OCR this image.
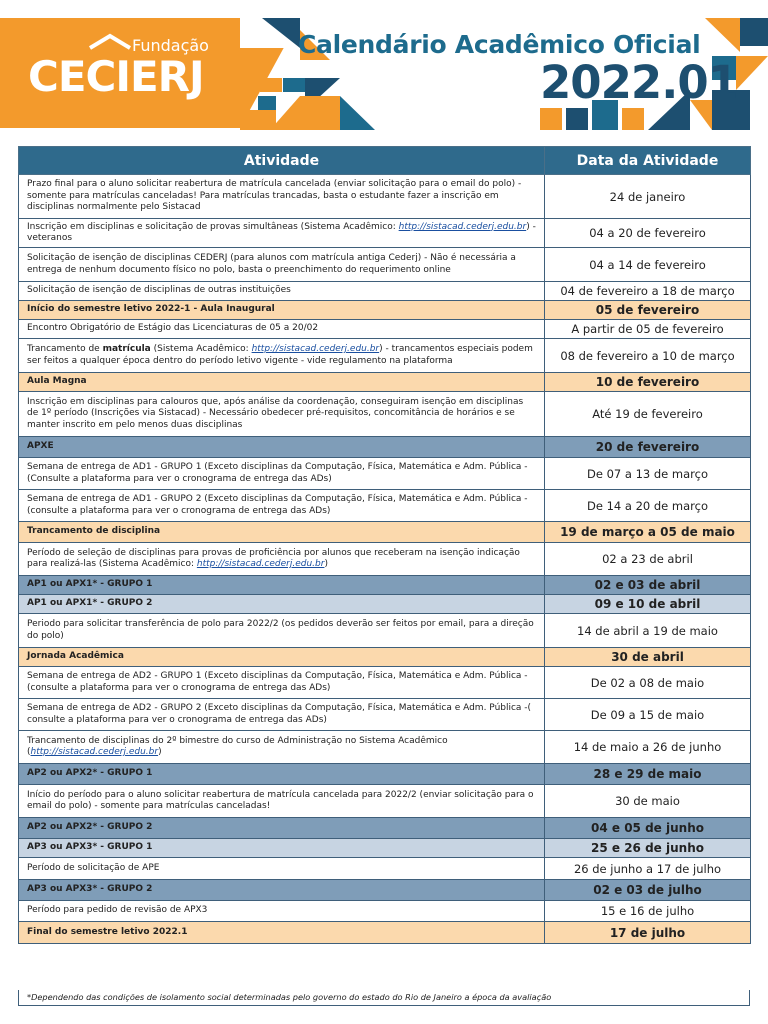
Fundação
CECIERJ
Calendário Acadêmico Oficial
2022.01
Atividade	Data da Atividade
Prazo final para o aluno solicitar reabertura de matrícula cancelada (enviar solicitação para o email do polo) - somente para matrículas canceladas! Para matrículas trancadas, basta o estudante fazer a inscrição em disciplinas normalmente pelo Sistacad	24 de janeiro
Inscrição em disciplinas e solicitação de provas simultâneas (Sistema Acadêmico: http://sistacad.cederj.edu.br) - veteranos	04 a 20 de fevereiro
Solicitação de isenção de disciplinas CEDERJ (para alunos com matrícula antiga Cederj) - Não é necessária a entrega de nenhum documento físico no polo, basta o preenchimento do requerimento online	04 a 14 de fevereiro
Solicitação de isenção de disciplinas de outras instituições	04 de fevereiro a 18 de março
Início do semestre letivo 2022-1 - Aula Inaugural	05 de fevereiro
Encontro Obrigatório de Estágio das Licenciaturas de 05 a 20/02	A partir de 05 de fevereiro
Trancamento de matrícula (Sistema Acadêmico: http://sistacad.cederj.edu.br) - trancamentos especiais podem ser feitos a qualquer época dentro do período letivo vigente - vide regulamento na plataforma	08 de fevereiro a 10 de março
Aula Magna	10 de fevereiro
Inscrição em disciplinas para calouros que, após análise da coordenação, conseguiram isenção em disciplinas de 1º período (Inscrições via Sistacad) - Necessário obedecer pré-requisitos, concomitância de horários e se manter inscrito em pelo menos duas disciplinas	Até 19 de fevereiro
APXE	20 de fevereiro
Semana de entrega de AD1 - GRUPO 1 (Exceto disciplinas da Computação, Física, Matemática e Adm. Pública -(Consulte a plataforma para ver o cronograma de entrega das ADs)	De 07 a 13 de março
Semana de entrega de AD1 - GRUPO 2 (Exceto disciplinas da Computação, Física, Matemática e Adm. Pública -(consulte a plataforma para ver o cronograma de entrega das ADs)	De 14 a 20 de março
Trancamento de disciplina	19 de março a 05 de maio
Período de seleção de disciplinas para provas de proficiência por alunos que receberam na isenção indicação para realizá-las (Sistema Acadêmico: http://sistacad.cederj.edu.br)	02 a 23 de abril
AP1 ou APX1* - GRUPO 1	02 e 03 de abril
AP1 ou APX1* - GRUPO 2	09 e 10 de abril
Periodo para solicitar transferência de polo para 2022/2 (os pedidos deverão ser feitos por email, para a direção do polo)	14 de abril a 19 de maio
Jornada Acadêmica	30 de abril
Semana de entrega de AD2 - GRUPO 1 (Exceto disciplinas da Computação, Física, Matemática e Adm. Pública -(consulte a plataforma para ver o cronograma de entrega das ADs)	De 02 a 08 de maio
Semana de entrega de AD2 - GRUPO 2 (Exceto disciplinas da Computação, Física, Matemática e Adm. Pública -( consulte a plataforma para ver o cronograma de entrega das ADs)	De 09 a 15 de maio
Trancamento de disciplinas do 2º bimestre do curso de Administração no Sistema Acadêmico (http://sistacad.cederj.edu.br)	14 de maio a 26 de junho
AP2 ou APX2* - GRUPO 1	28 e 29 de maio
Início do período para o aluno solicitar reabertura de matrícula cancelada para 2022/2 (enviar solicitação para o email do polo) - somente para matrículas canceladas!	30 de maio
AP2 ou APX2* - GRUPO 2	04 e 05 de junho
AP3 ou APX3* - GRUPO 1	25 e 26 de junho
Período de solicitação de APE	26 de junho a 17 de julho
AP3 ou APX3* - GRUPO 2	02 e 03 de julho
Período para pedido de revisão de APX3	15 e 16 de julho
Final do semestre letivo 2022.1	17 de julho
*Dependendo das condições de isolamento social determinadas pelo governo do estado do Rio de Janeiro a época da avaliação
